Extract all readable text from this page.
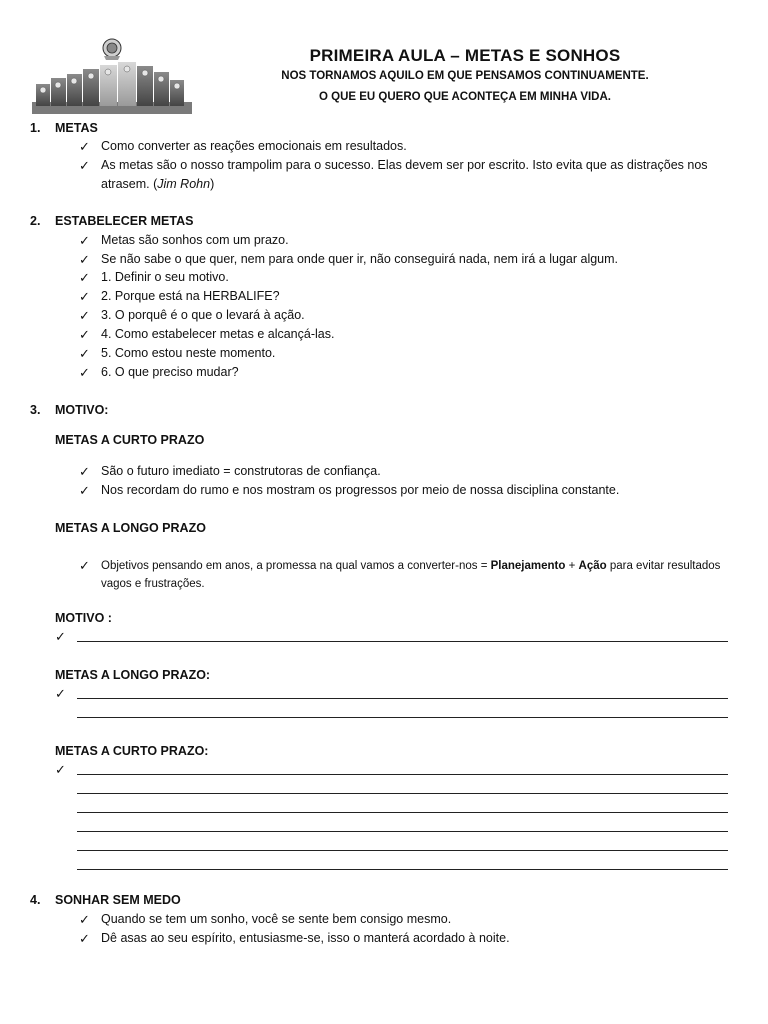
PRIMEIRA AULA – METAS E SONHOS
NOS TORNAMOS AQUILO EM QUE PENSAMOS CONTINUAMENTE.
O QUE EU QUERO QUE ACONTEÇA EM MINHA VIDA.
1. METAS
✓ Como converter as reações emocionais em resultados.
✓ As metas são o nosso trampolim para o sucesso. Elas devem ser por escrito. Isto evita que as distrações nos atrasem. (Jim Rohn)
2. ESTABELECER METAS
✓ Metas são sonhos com um prazo.
✓ Se não sabe o que quer, nem para onde quer ir, não conseguirá nada, nem irá a lugar algum.
✓ 1. Definir o seu motivo.
✓ 2. Porque está na HERBALIFE?
✓ 3. O porquê é o que o levará à ação.
✓ 4. Como estabelecer metas e alcançá-las.
✓ 5. Como estou neste momento.
✓ 6. O que preciso mudar?
3. MOTIVO:
METAS A CURTO PRAZO
✓ São o futuro imediato = construtoras de confiança.
✓ Nos recordam do rumo e nos mostram os progressos por meio de nossa disciplina constante.
METAS A LONGO PRAZO
✓ Objetivos pensando em anos, a promessa na qual vamos a converter-nos = Planejamento + Ação para evitar resultados vagos e frustrações.
MOTIVO :
✓
METAS A LONGO PRAZO:
✓
METAS A CURTO PRAZO:
✓
4. SONHAR SEM MEDO
✓ Quando se tem um sonho, você se sente bem consigo mesmo.
✓ Dê asas ao seu espírito, entusiasme-se, isso o manterá acordado à noite.
